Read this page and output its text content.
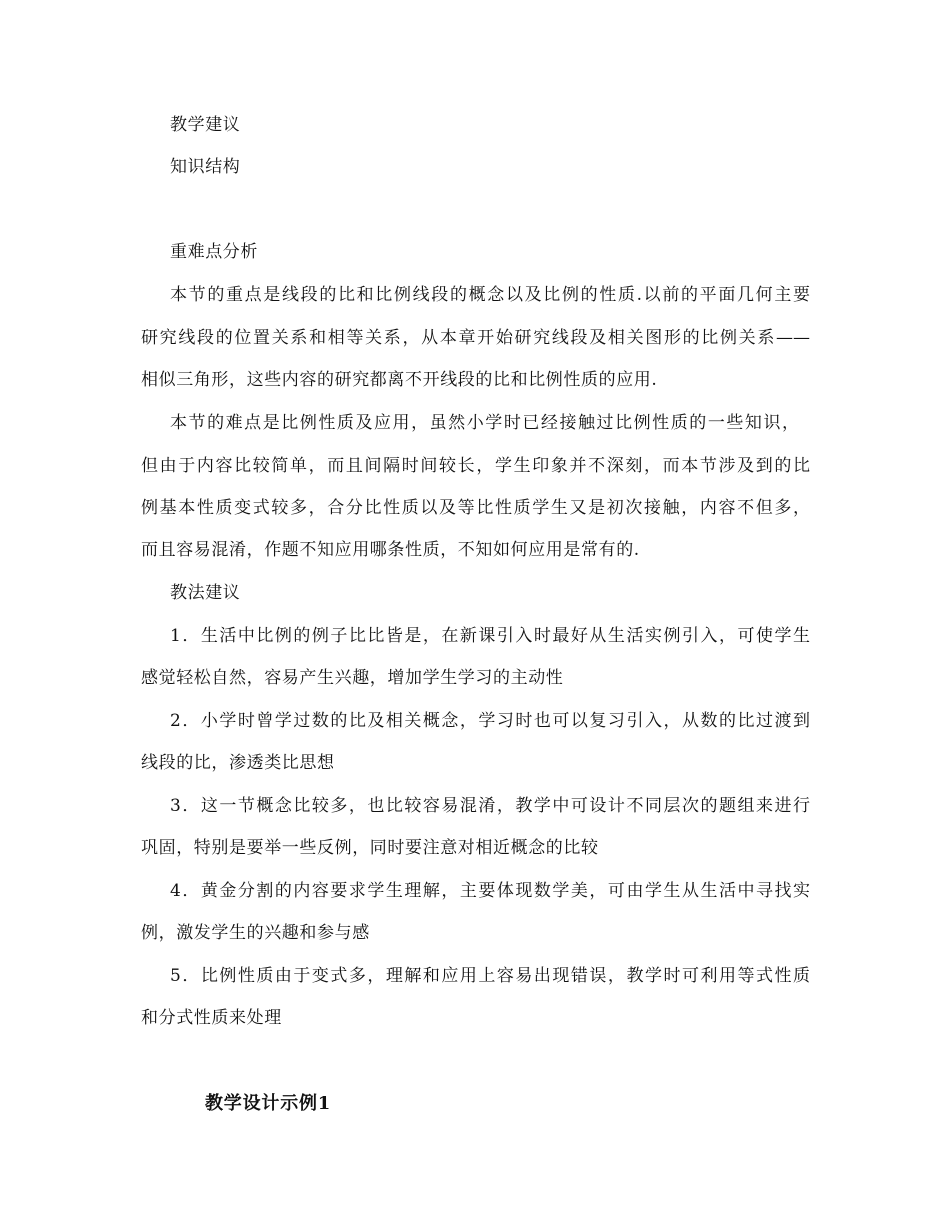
教学建议
知识结构
重难点分析
本节的重点是线段的比和比例线段的概念以及比例的性质.以前的平面几何主要
研究线段的位置关系和相等关系，从本章开始研究线段及相关图形的比例关系——
相似三角形，这些内容的研究都离不开线段的比和比例性质的应用.
本节的难点是比例性质及应用，虽然小学时已经接触过比例性质的一些知识，
但由于内容比较简单，而且间隔时间较长，学生印象并不深刻，而本节涉及到的比
例基本性质变式较多，合分比性质以及等比性质学生又是初次接触，内容不但多，
而且容易混淆，作题不知应用哪条性质，不知如何应用是常有的.
教法建议
1．生活中比例的例子比比皆是，在新课引入时最好从生活实例引入，可使学生
感觉轻松自然，容易产生兴趣，增加学生学习的主动性
2．小学时曾学过数的比及相关概念，学习时也可以复习引入，从数的比过渡到
线段的比，渗透类比思想
3．这一节概念比较多，也比较容易混淆，教学中可设计不同层次的题组来进行
巩固，特别是要举一些反例，同时要注意对相近概念的比较
4．黄金分割的内容要求学生理解，主要体现数学美，可由学生从生活中寻找实
例，激发学生的兴趣和参与感
5．比例性质由于变式多，理解和应用上容易出现错误，教学时可利用等式性质
和分式性质来处理
教学设计示例1
